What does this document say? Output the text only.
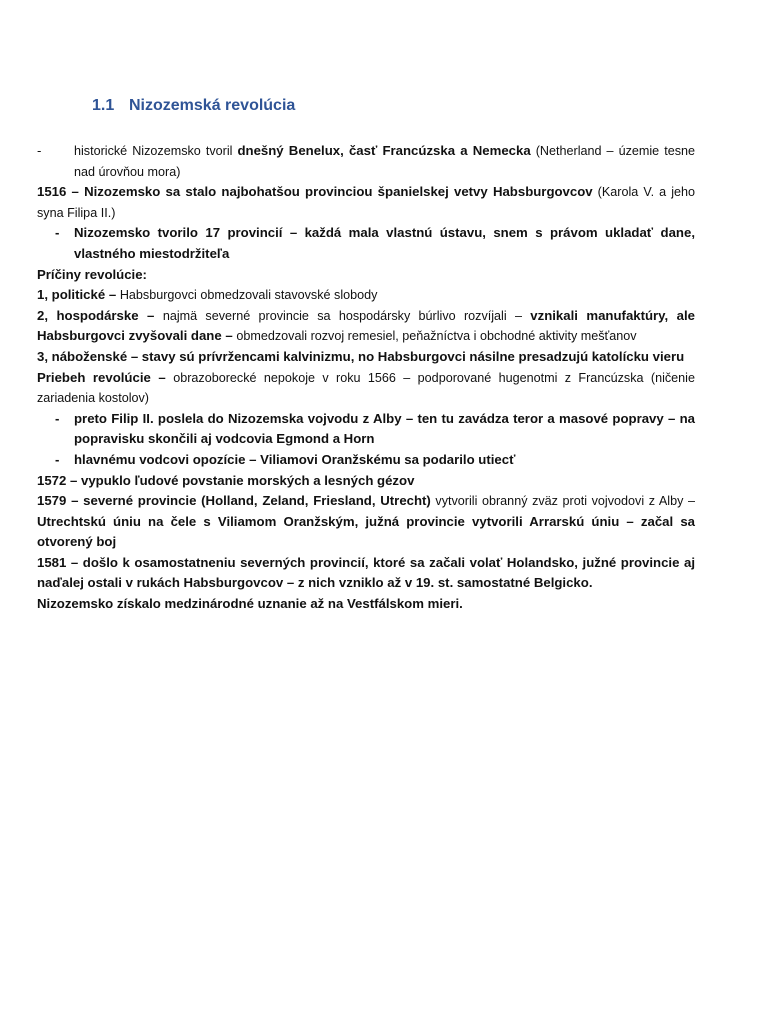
1.1 Nizozemská revolúcia
-	historické Nizozemsko tvoril dnešný Benelux, časť Francúzska a Nemecka (Netherland – územie tesne nad úrovňou mora)
1516 – Nizozemsko sa stalo najbohatšou provinciou španielskej vetvy Habsburgovcov (Karola V. a jeho syna Filipa II.)
- Nizozemsko tvorilo 17 provincií – každá mala vlastnú ústavu, snem s právom ukladať dane, vlastného miestodržiteľa
Príčiny revolúcie:
1, politické – Habsburgovci obmedzovali stavovské slobody
2, hospodárske – najmä severné provincie sa hospodársky búrlivo rozvíjali – vznikali manufaktúry, ale Habsburgovci zvyšovali dane – obmedzovali rozvoj remesiel, peňažníctva i obchodné aktivity mešťanov
3, náboženské – stavy sú prívržencami kalvinizmu, no Habsburgovci násilne presadzujú katolícku vieru
Priebeh revolúcie – obrazoborecké nepokoje v roku 1566 – podporované hugenotmi z Francúzska (ničenie zariadenia kostolov)
- preto Filip II. poslela do Nizozemska vojvodu z Alby – ten tu zavádza teror a masové popravy – na popravisku skončili aj vodcovia Egmond a Horn
- hlavnému vodcovi opozície – Viliamovi Oranžskému sa podarilo utiecť
1572 – vypuklo ľudové povstanie morských a lesných gézov
1579 – severné provincie (Holland, Zeland, Friesland, Utrecht) vytvorili obranný zväz proti vojvodovi z Alby – Utrechtskú úniu na čele s Viliamom Oranžským, južná provincie vytvorili Arrarskú úniu – začal sa otvorený boj
1581 – došlo k osamostatneniu severných provincií, ktoré sa začali volať Holandsko, južné provincie aj naďalej ostali v rukách Habsburgovcov – z nich vzniklo až v 19. st. samostatné Belgicko.
Nizozemsko získalo medzinárodné uznanie až na Vestfálskom mieri.
